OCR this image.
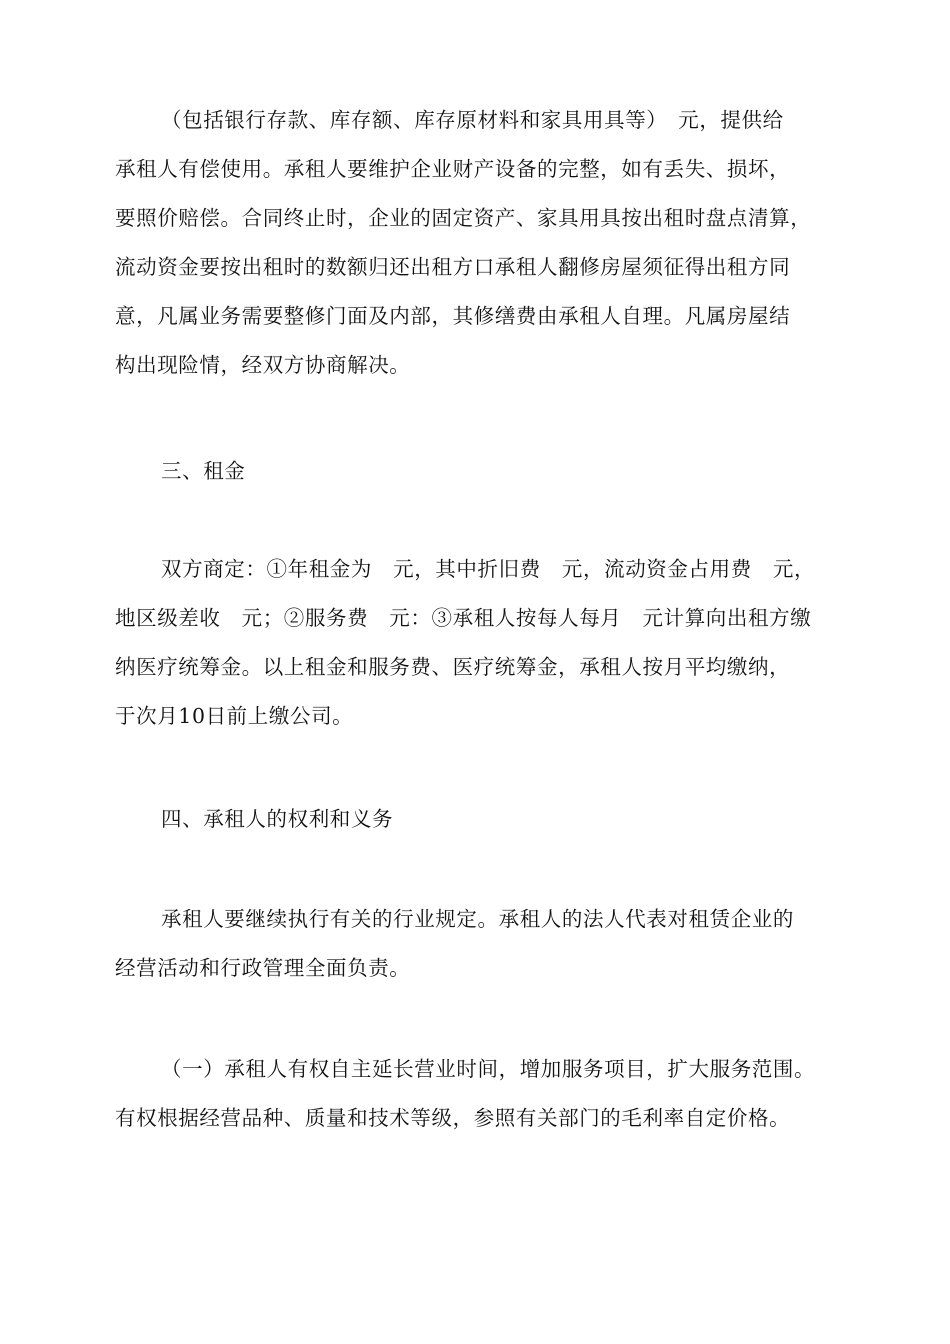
（包括银行存款、库存额、库存原材料和家具用具等）　元，提供给
承租人有偿使用。承租人要维护企业财产设备的完整，如有丢失、损坏，
要照价赔偿。合同终止时，企业的固定资产、家具用具按出租时盘点清算，
流动资金要按出租时的数额归还出租方口承租人翻修房屋须征得出租方同
意，凡属业务需要整修门面及内部，其修缮费由承租人自理。凡属房屋结
构出现险情，经双方协商解决。
三、租金
双方商定：①年租金为　元，其中折旧费　元，流动资金占用费　元，
地区级差收　元；②服务费　元：③承租人按每人每月　元计算向出租方缴
纳医疗统筹金。以上租金和服务费、医疗统筹金，承租人按月平均缴纳，
于次月10日前上缴公司。
四、承租人的权利和义务
承租人要继续执行有关的行业规定。承租人的法人代表对租赁企业的
经营活动和行政管理全面负责。
（一）承租人有权自主延长营业时间，增加服务项目，扩大服务范围。
有权根据经营品种、质量和技术等级，参照有关部门的毛利率自定价格。
